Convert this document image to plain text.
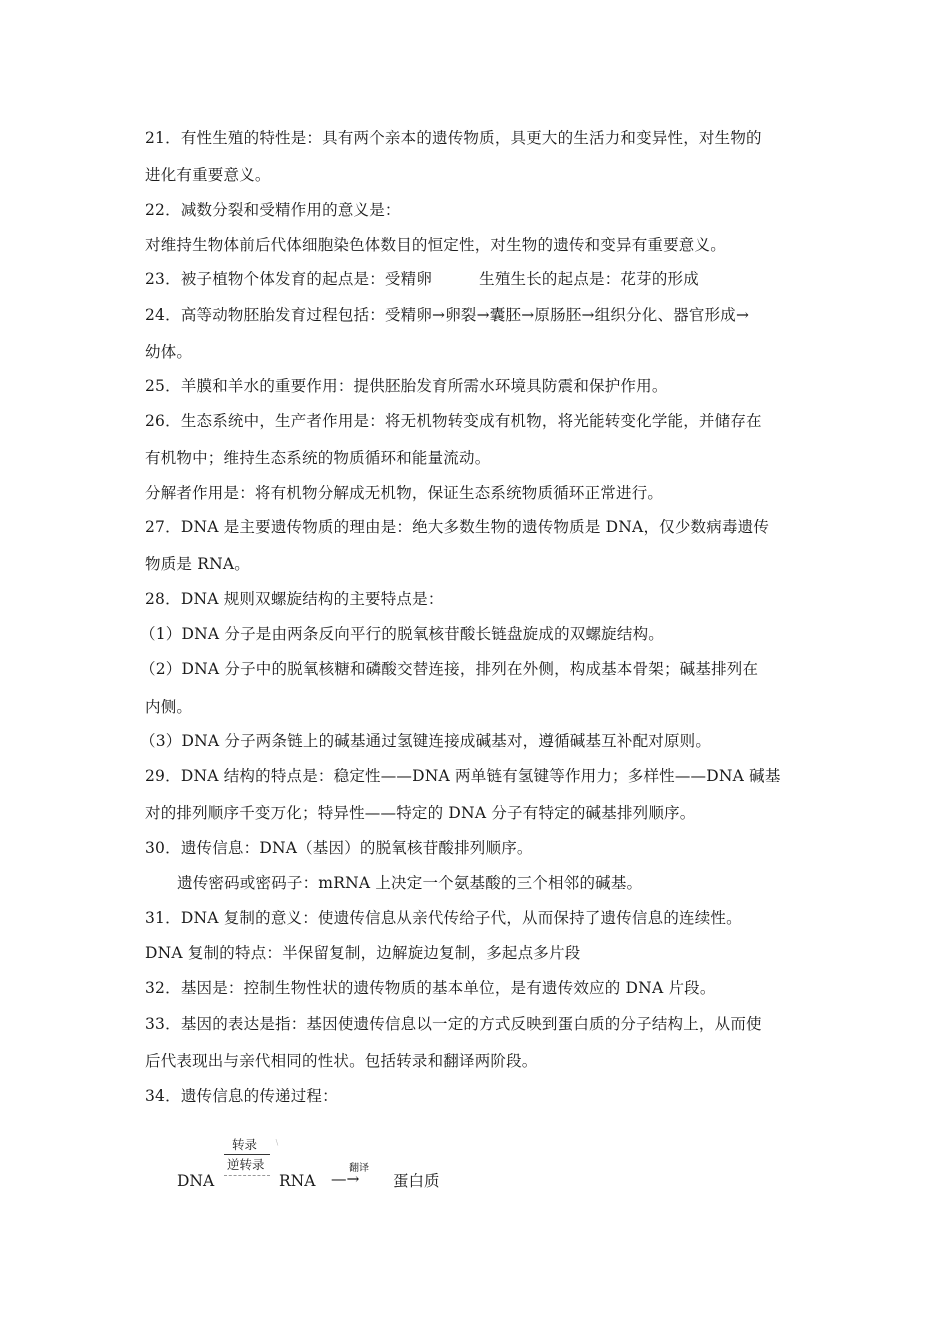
21．有性生殖的特性是：具有两个亲本的遗传物质，具更大的生活力和变异性，对生物的
进化有重要意义。
22．减数分裂和受精作用的意义是：
对维持生物体前后代体细胞染色体数目的恒定性，对生物的遗传和变异有重要意义。
23．被子植物个体发育的起点是：受精卵　　　生殖生长的起点是：花芽的形成
24．高等动物胚胎发育过程包括：受精卵→卵裂→囊胚→原肠胚→组织分化、器官形成→
幼体。
25．羊膜和羊水的重要作用：提供胚胎发育所需水环境具防震和保护作用。
26．生态系统中，生产者作用是：将无机物转变成有机物，将光能转变化学能，并储存在
有机物中；维持生态系统的物质循环和能量流动。
分解者作用是：将有机物分解成无机物，保证生态系统物质循环正常进行。
27．DNA 是主要遗传物质的理由是：绝大多数生物的遗传物质是 DNA，仅少数病毒遗传
物质是 RNA。
28．DNA 规则双螺旋结构的主要特点是：
（1）DNA 分子是由两条反向平行的脱氧核苷酸长链盘旋成的双螺旋结构。
（2）DNA 分子中的脱氧核糖和磷酸交替连接，排列在外侧，构成基本骨架；碱基排列在
内侧。
（3）DNA 分子两条链上的碱基通过氢键连接成碱基对，遵循碱基互补配对原则。
29．DNA 结构的特点是：稳定性——DNA 两单链有氢键等作用力；多样性——DNA 碱基
对的排列顺序千变万化；特异性——特定的 DNA 分子有特定的碱基排列顺序。
30．遗传信息：DNA（基因）的脱氧核苷酸排列顺序。
遗传密码或密码子：mRNA 上决定一个氨基酸的三个相邻的碱基。
31．DNA 复制的意义：使遗传信息从亲代传给子代，从而保持了遗传信息的连续性。
DNA 复制的特点：半保留复制，边解旋边复制，多起点多片段
32．基因是：控制生物性状的遗传物质的基本单位，是有遗传效应的 DNA 片段。
33．基因的表达是指：基因使遗传信息以一定的方式反映到蛋白质的分子结构上，从而使
后代表现出与亲代相同的性状。包括转录和翻译两阶段。
34．遗传信息的传递过程：
转录 ﹨
逆转录
DNA	RNA
翻译
—→ 蛋白质
